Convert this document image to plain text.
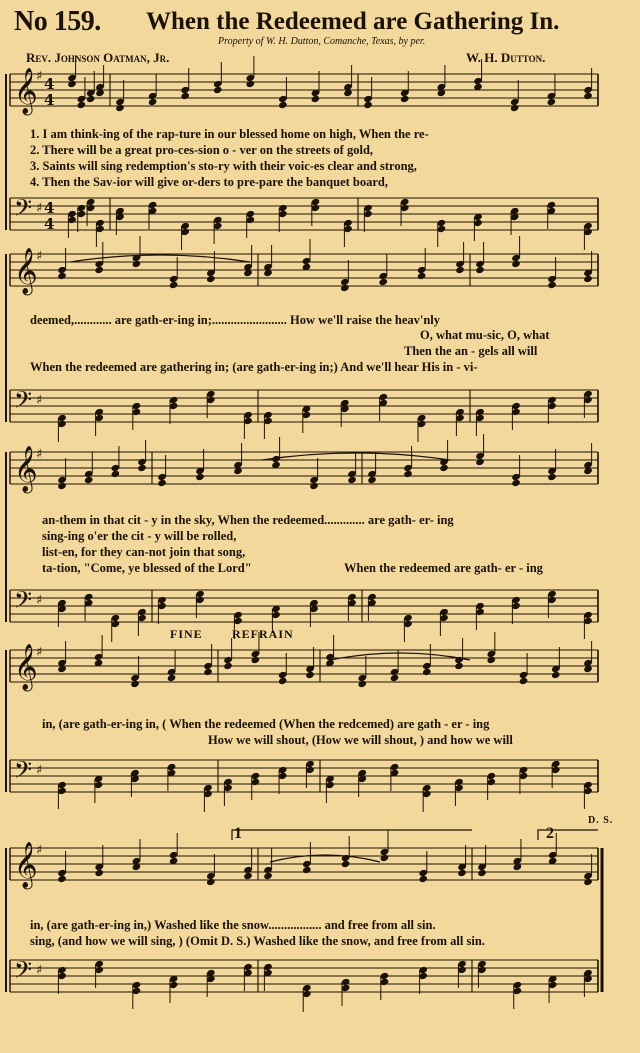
No 159. When the Redeemed are Gathering In.
Property of W. H. Dutton, Comanche, Texas, by per.
Rev. Johnson Oatman, Jr.	W. H. Dutton.
𝄞
♯ 4
4
𝄢 ♯ 4
4
𝄞
♯
𝄢 ♯
𝄞
♯
𝄢 ♯
𝄞
♯
𝄢 ♯
𝄞
♯
𝄢 ♯
1. I am think-ing of the rap-ture in our blessed home on high, When the re-
2. There will be a great pro-ces-sion o - ver on the streets of gold,
3. Saints will sing redemption's sto-ry with their voic-es clear and strong,
4. Then the Sav-ior will give or-ders to pre-pare the banquet board,
deemed,............ are gath-er-ing in;........................ How we'll raise the heav'nly
O, what mu-sic, O, what
Then the an - gels all will
When the redeemed are gathering in; (are gath-er-ing in;) And we'll hear His in - vi-
an-them in that cit - y in the sky, When the redeemed............. are gath- er- ing
sing-ing o'er the cit - y will be rolled,
list-en, for they can-not join that song,
ta-tion, "Come, ye blessed of the Lord"	When the redeemed are gath- er - ing
FINE REFRAIN
in, (are gath-er-ing in, ( When the redeemed (When the redcemed) are gath - er - ing
How we will shout, (How we will shout, ) and how we will
1	2
D. S.
in, (are gath-er-ing in,) Washed like the snow................. and free from all sin.
sing, (and how we will sing, ) (Omit D. S.) Washed like the snow, and free from all sin.
